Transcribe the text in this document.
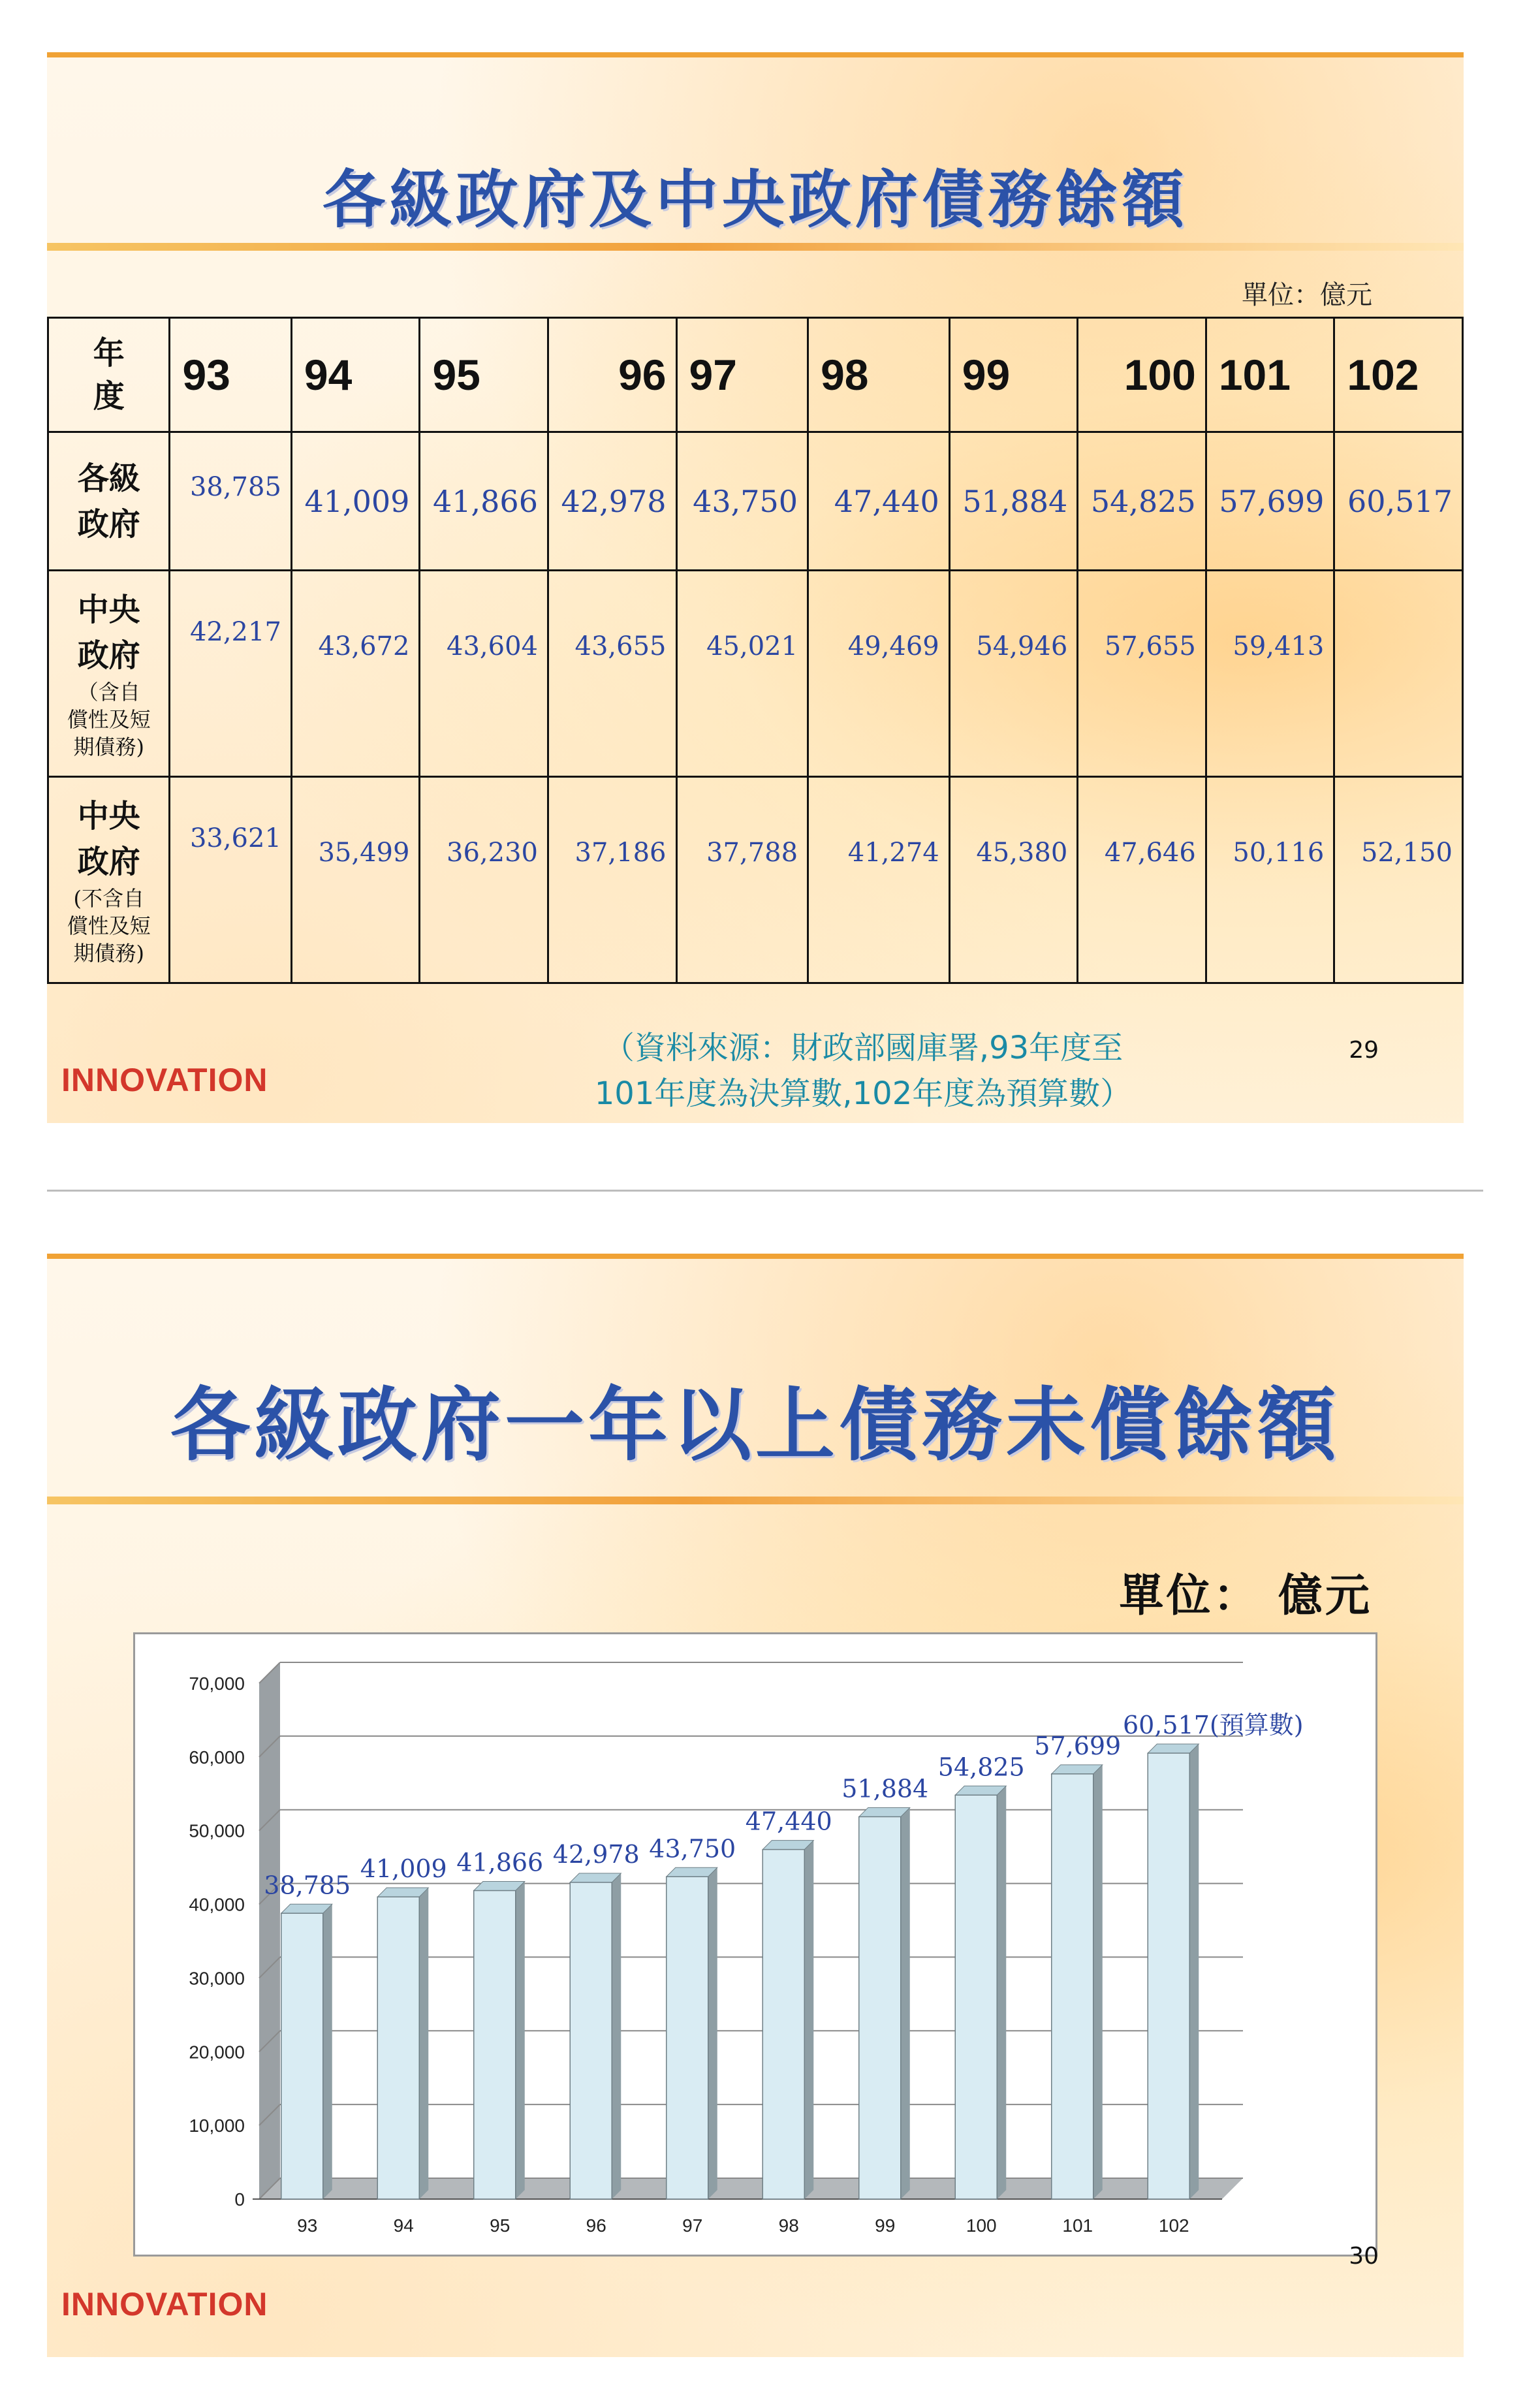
各級政府及中央政府債務餘額
單位：億元
年
度	93	94	95	96	97	98	99	100	101	102
各級
政府	38,785	41,009	41,866	42,978	43,750	47,440	51,884	54,825	57,699	60,517
中央
政府
（含自
償性及短
期債務)	42,217	43,672	43,604	43,655	45,021	49,469	54,946	57,655	59,413	
中央
政府
(不含自
償性及短
期債務)	33,621	35,499	36,230	37,186	37,788	41,274	45,380	47,646	50,116	52,150
（資料來源：財政部國庫署,93年度至
101年度為決算數,102年度為預算數）
29
INNOVATION
各級政府一年以上債務未償餘額
單位： 億元
0
10,000
20,000
30,000
40,000
50,000
60,000
70,000
93
38,785
94
41,009
95
41,866
96
42,978
97
43,750
98
47,440
99
51,884
100
54,825
101
57,699
102
60,517(預算數)
30
INNOVATION
